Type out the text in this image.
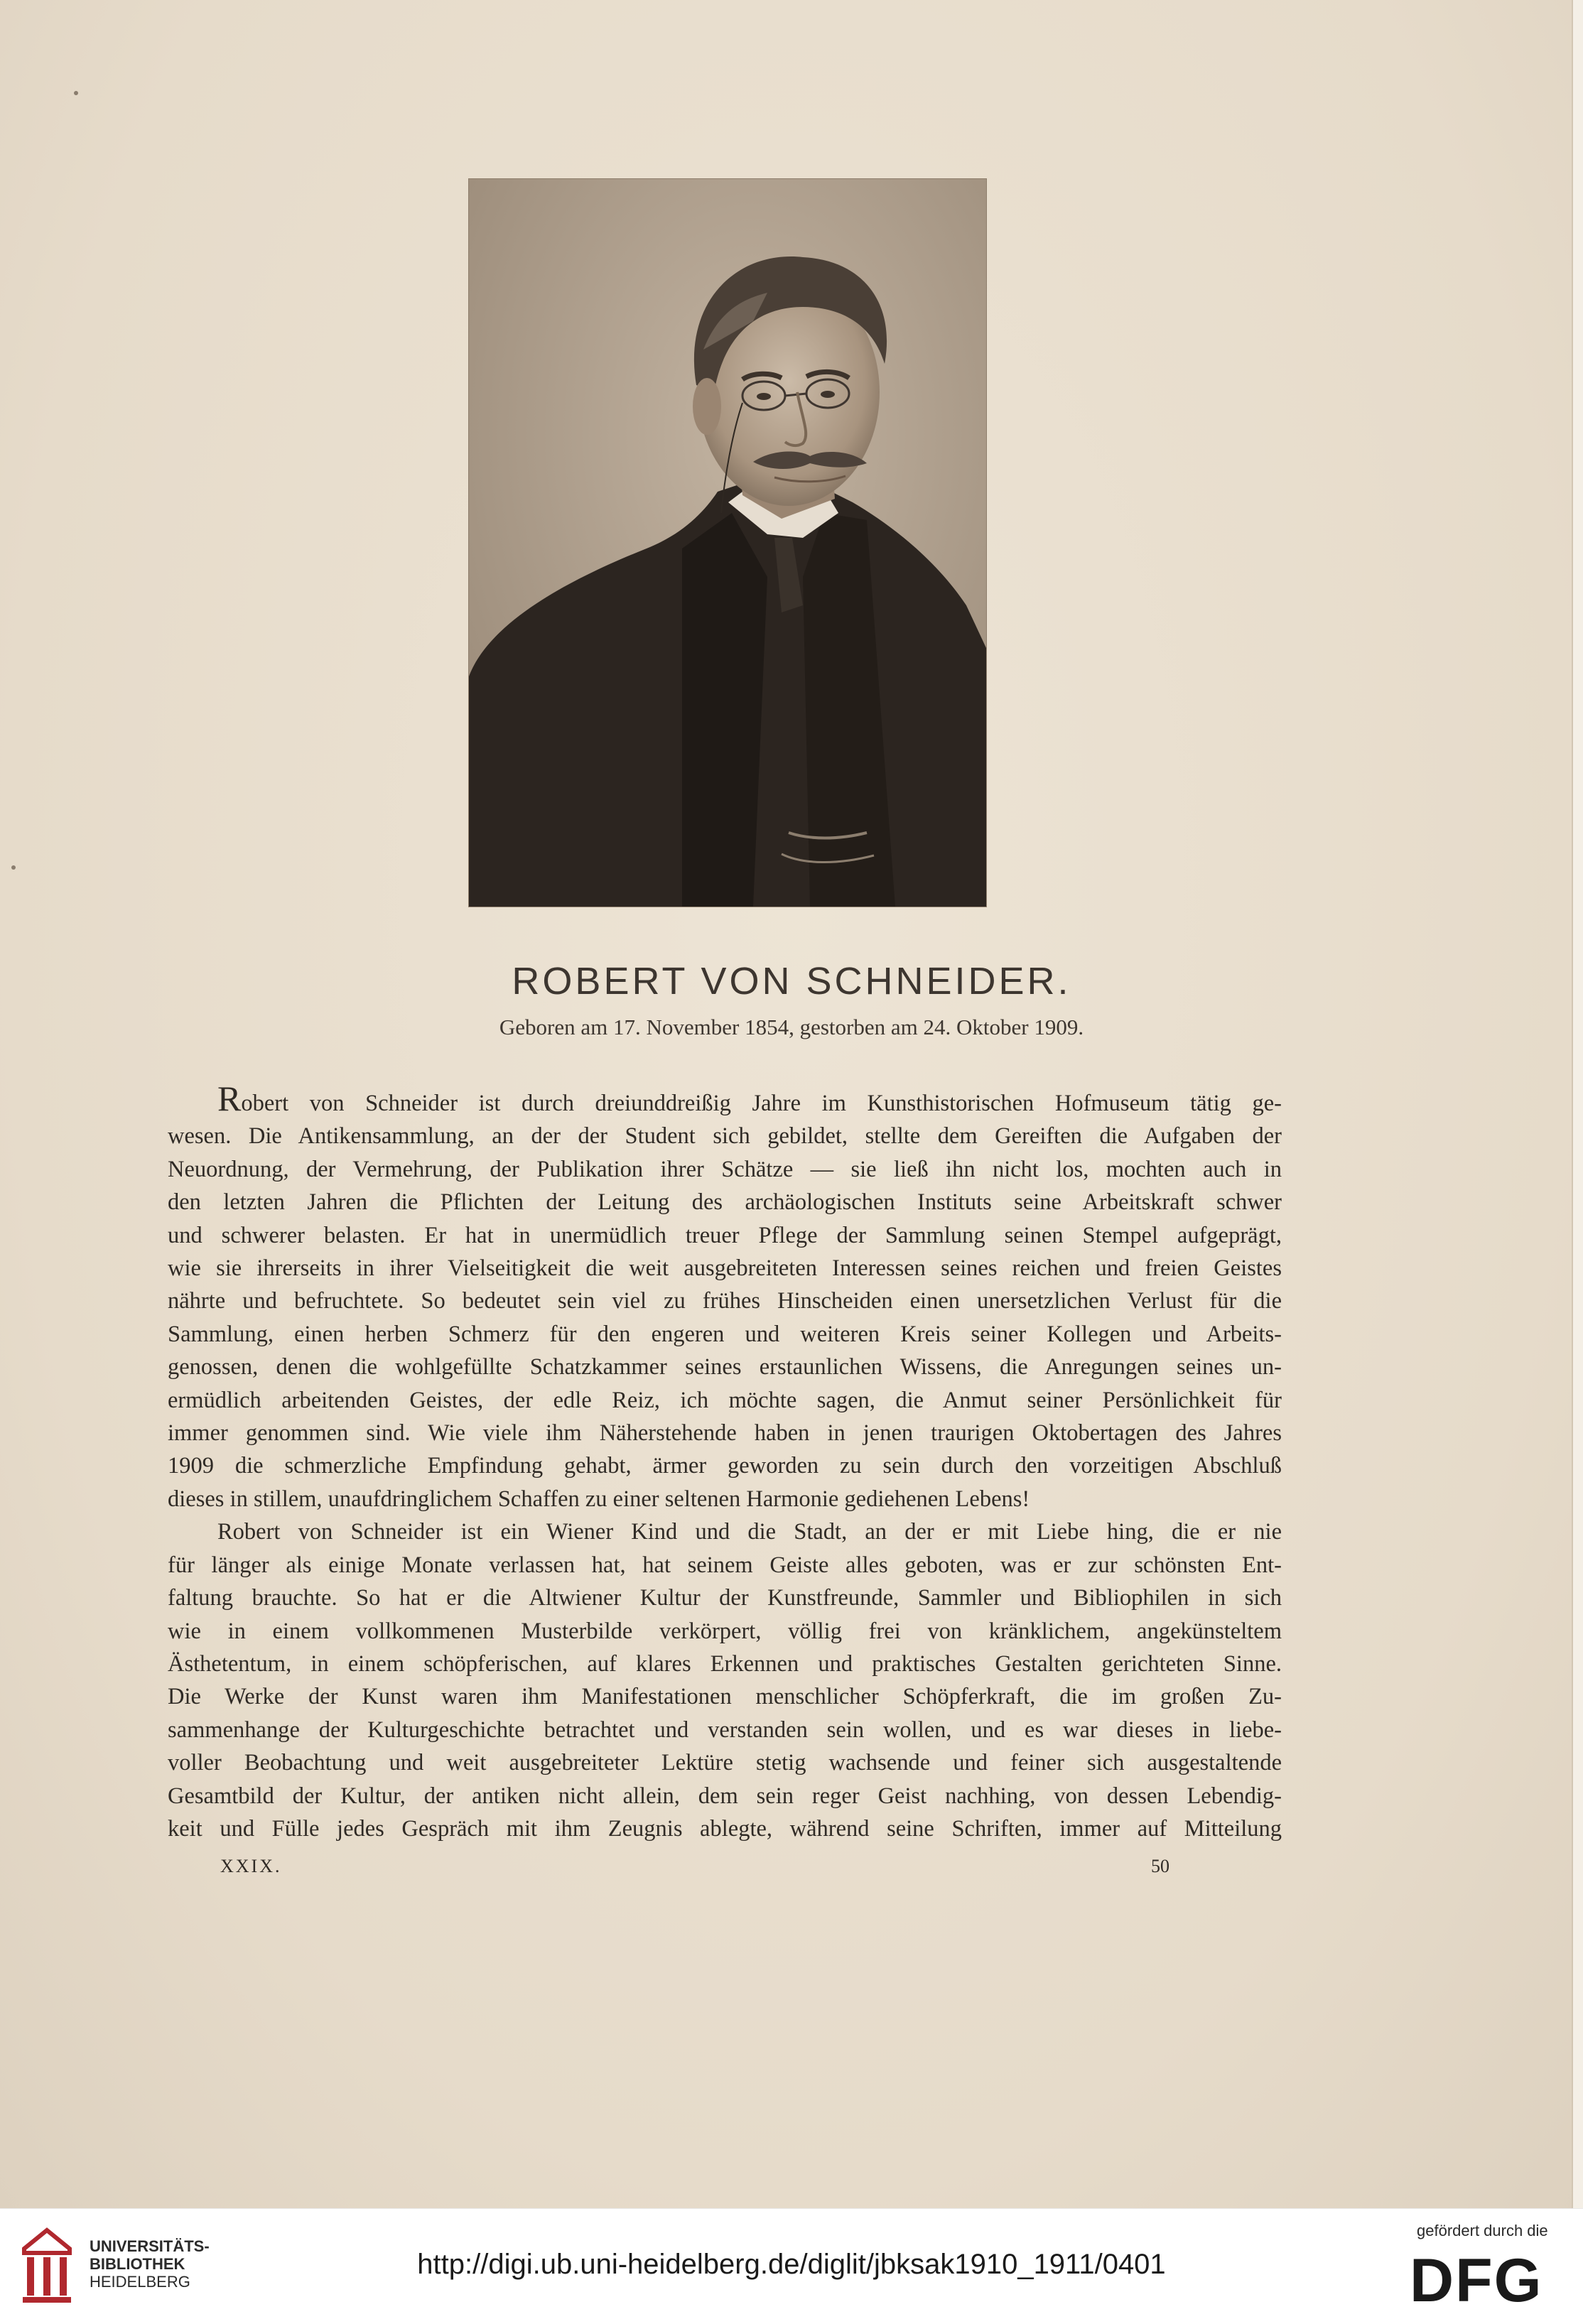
ROBERT VON SCHNEIDER.
Geboren am 17. November 1854, gestorben am 24. Oktober 1909.
Robert von Schneider ist durch dreiunddreißig Jahre im Kunsthistorischen Hofmuseum tätig ge-
wesen. Die Antikensammlung, an der der Student sich gebildet, stellte dem Gereiften die Aufgaben der
Neuordnung, der Vermehrung, der Publikation ihrer Schätze — sie ließ ihn nicht los, mochten auch in
den letzten Jahren die Pflichten der Leitung des archäologischen Instituts seine Arbeitskraft schwer
und schwerer belasten. Er hat in unermüdlich treuer Pflege der Sammlung seinen Stempel aufgeprägt,
wie sie ihrerseits in ihrer Vielseitigkeit die weit ausgebreiteten Interessen seines reichen und freien Geistes
nährte und befruchtete. So bedeutet sein viel zu frühes Hinscheiden einen unersetzlichen Verlust für die
Sammlung, einen herben Schmerz für den engeren und weiteren Kreis seiner Kollegen und Arbeits-
genossen, denen die wohlgefüllte Schatzkammer seines erstaunlichen Wissens, die Anregungen seines un-
ermüdlich arbeitenden Geistes, der edle Reiz, ich möchte sagen, die Anmut seiner Persönlichkeit für
immer genommen sind. Wie viele ihm Näherstehende haben in jenen traurigen Oktobertagen des Jahres
1909 die schmerzliche Empfindung gehabt, ärmer geworden zu sein durch den vorzeitigen Abschluß
dieses in stillem, unaufdringlichem Schaffen zu einer seltenen Harmonie gediehenen Lebens!
Robert von Schneider ist ein Wiener Kind und die Stadt, an der er mit Liebe hing, die er nie
für länger als einige Monate verlassen hat, hat seinem Geiste alles geboten, was er zur schönsten Ent-
faltung brauchte. So hat er die Altwiener Kultur der Kunstfreunde, Sammler und Bibliophilen in sich
wie in einem vollkommenen Musterbilde verkörpert, völlig frei von kränklichem, angekünsteltem
Ästhetentum, in einem schöpferischen, auf klares Erkennen und praktisches Gestalten gerichteten Sinne.
Die Werke der Kunst waren ihm Manifestationen menschlicher Schöpferkraft, die im großen Zu-
sammenhange der Kulturgeschichte betrachtet und verstanden sein wollen, und es war dieses in liebe-
voller Beobachtung und weit ausgebreiteter Lektüre stetig wachsende und feiner sich ausgestaltende
Gesamtbild der Kultur, der antiken nicht allein, dem sein reger Geist nachhing, von dessen Lebendig-
keit und Fülle jedes Gespräch mit ihm Zeugnis ablegte, während seine Schriften, immer auf Mitteilung
XXIX.	50
UNIVERSITÄTS-
BIBLIOTHEK
HEIDELBERG
http://digi.ub.uni-heidelberg.de/diglit/jbksak1910_1911/0401
gefördert durch die
DFG
